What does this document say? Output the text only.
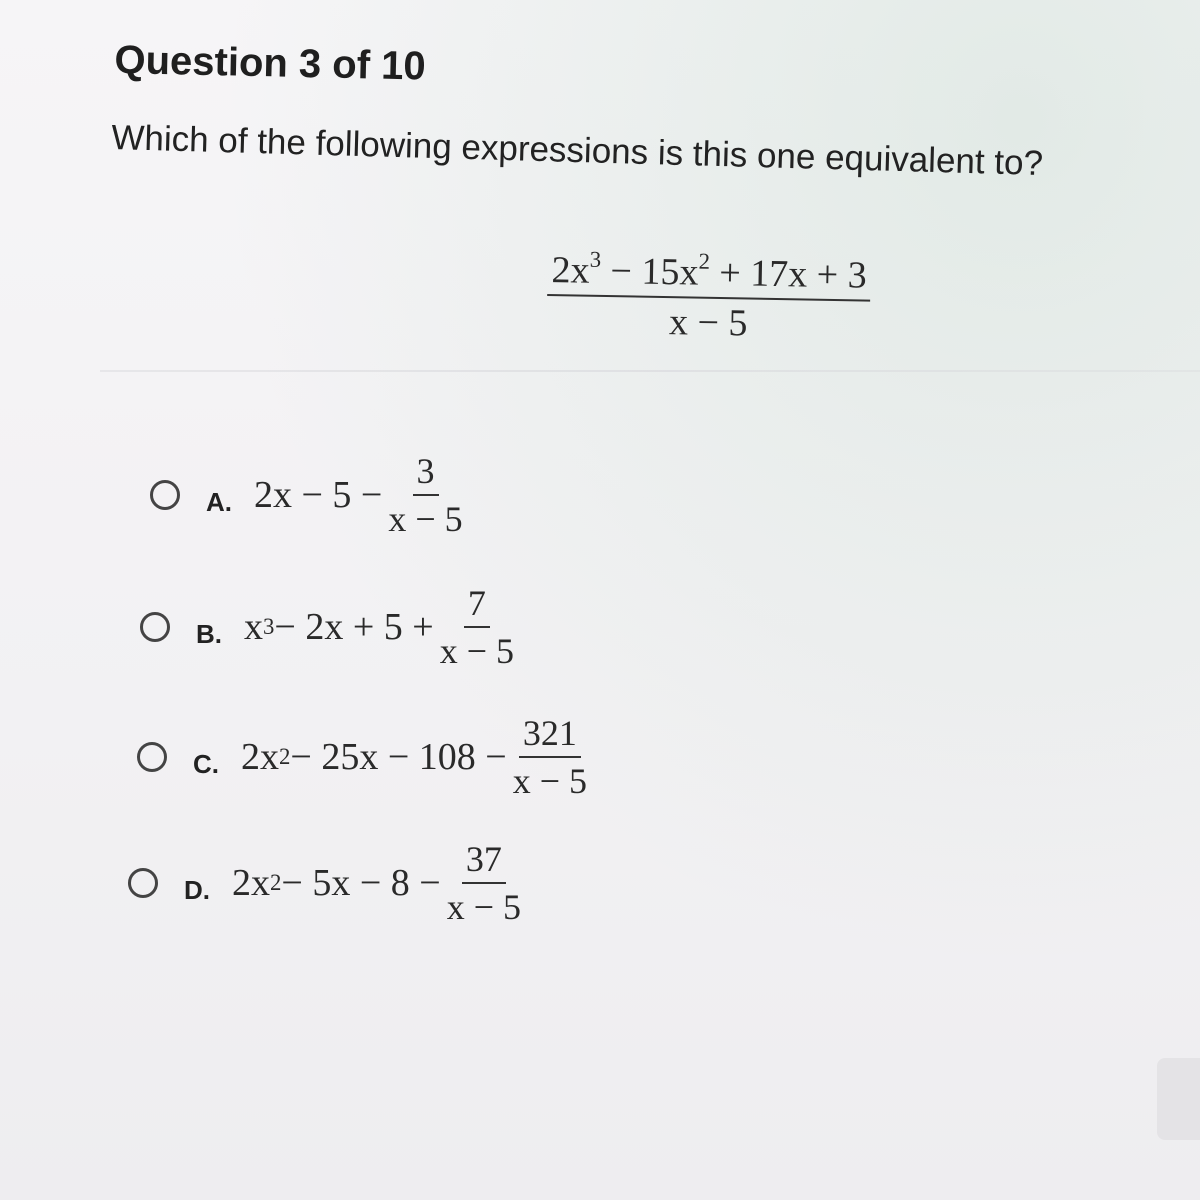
Question 3 of 10
Which of the following expressions is this one equivalent to?
$\frac{2x^3 - 15x^2 + 17x + 3}{x - 5}$
A. $2x - 5 - \frac{3}{x - 5}$
B. x $3 - 2x + 5 + \frac{7}{x - 5}$
C. 2x $2 - 25x - 108 - \frac{321}{x - 5}$
D. 2x $2 - 5x - 8 - \frac{37}{x - 5}$
